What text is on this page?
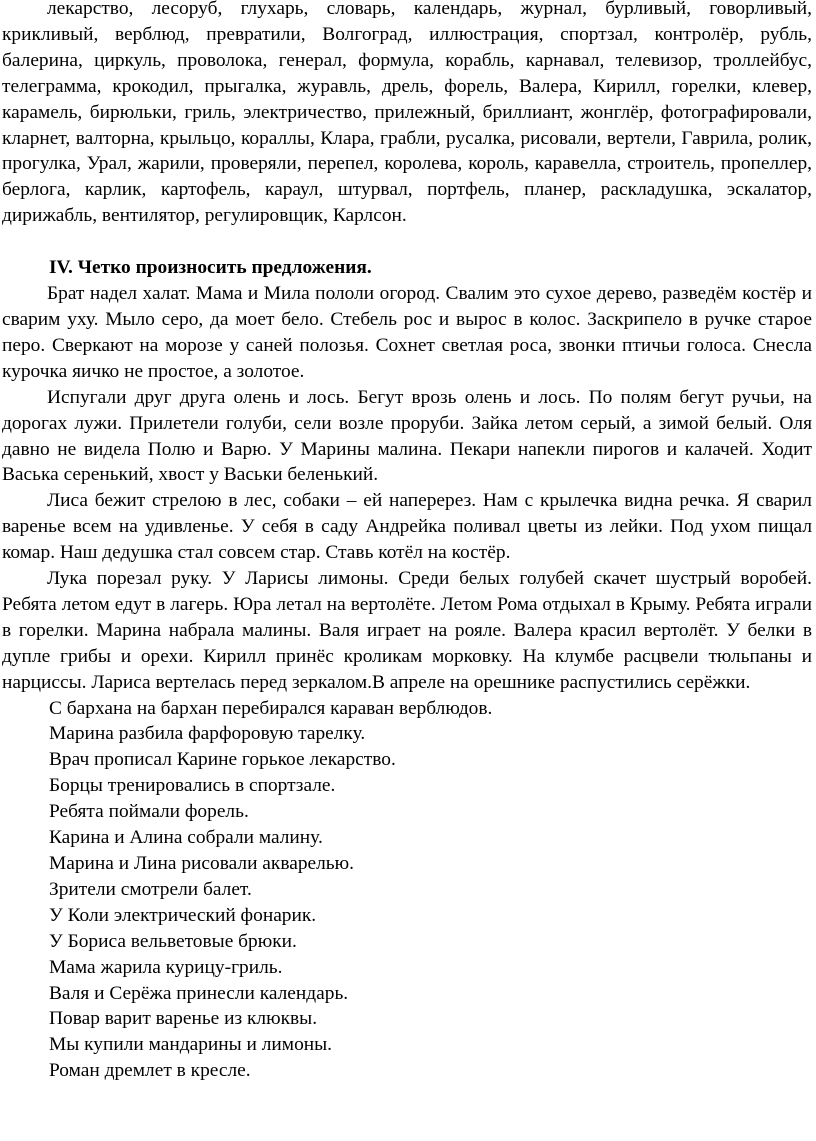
лекарство, лесоруб, глухарь, словарь, календарь, журнал, бурливый, говорливый, крикливый, верблюд, превратили, Волгоград, иллюстрация, спортзал, контролёр, рубль, балерина, циркуль, проволока, генерал, формула, корабль, карнавал, телевизор, троллейбус, телеграмма, крокодил, прыгалка, журавль, дрель, форель, Валера, Кирилл, горелки, клевер, карамель, бирюльки, гриль, электричество, прилежный, бриллиант, жонглёр, фотографировали, кларнет, валторна, крыльцо, кораллы, Клара, грабли, русалка, рисовали, вертели, Гаврила, ролик, прогулка, Урал, жарили, проверяли, перепел, королева, король, каравелла, строитель, пропеллер, берлога, карлик, картофель, караул, штурвал, портфель, планер, раскладушка, эскалатор, дирижабль, вентилятор, регулировщик, Карлсон.

IV. Четко произносить предложения.

Брат надел халат. Мама и Мила пололи огород. Свалим это сухое дерево, разведём костёр и сварим уху. Мыло серо, да моет бело. Стебель рос и вырос в колос. Заскрипело в ручке старое перо. Сверкают на морозе у саней полозья. Сохнет светлая роса, звонки птичьи голоса. Снесла курочка яичко не простое, а золотое.

Испугали друг друга олень и лось. Бегут врозь олень и лось. По полям бегут ручьи, на дорогах лужи. Прилетели голуби, сели возле проруби. Зайка летом серый, а зимой белый. Оля давно не видела Полю и Варю. У Марины малина. Пекари напекли пирогов и калачей. Ходит Васька серенький, хвост у Васьки беленький.

Лиса бежит стрелою в лес, собаки – ей наперерез. Нам с крылечка видна речка. Я сварил варенье всем на удивленье. У себя в саду Андрейка поливал цветы из лейки. Под ухом пищал комар. Наш дедушка стал совсем стар. Ставь котёл на костёр.

Лука порезал руку. У Ларисы лимоны. Среди белых голубей скачет шустрый воробей. Ребята летом едут в лагерь. Юра летал на вертолёте. Летом Рома отдыхал в Крыму. Ребята играли в горелки. Марина набрала малины. Валя играет на рояле. Валера красил вертолёт. У белки в дупле грибы и орехи. Кирилл принёс кроликам морковку. На клумбе расцвели тюльпаны и нарциссы. Лариса вертелась перед зеркалом.В апреле на орешнике распустились серёжки.

С бархана на бархан перебирался караван верблюдов.

Марина разбила фарфоровую тарелку.

Врач прописал Карине горькое лекарство.

Борцы тренировались в спортзале.

Ребята поймали форель.

Карина и Алина собрали малину.

Марина и Лина рисовали акварелью.

Зрители смотрели балет.

У Коли электрический фонарик.

У Бориса вельветовые брюки.

Мама жарила курицу-гриль.

Валя и Серёжа принесли календарь.

Повар варит варенье из клюквы.

Мы купили мандарины и лимоны.

Роман дремлет в кресле.
